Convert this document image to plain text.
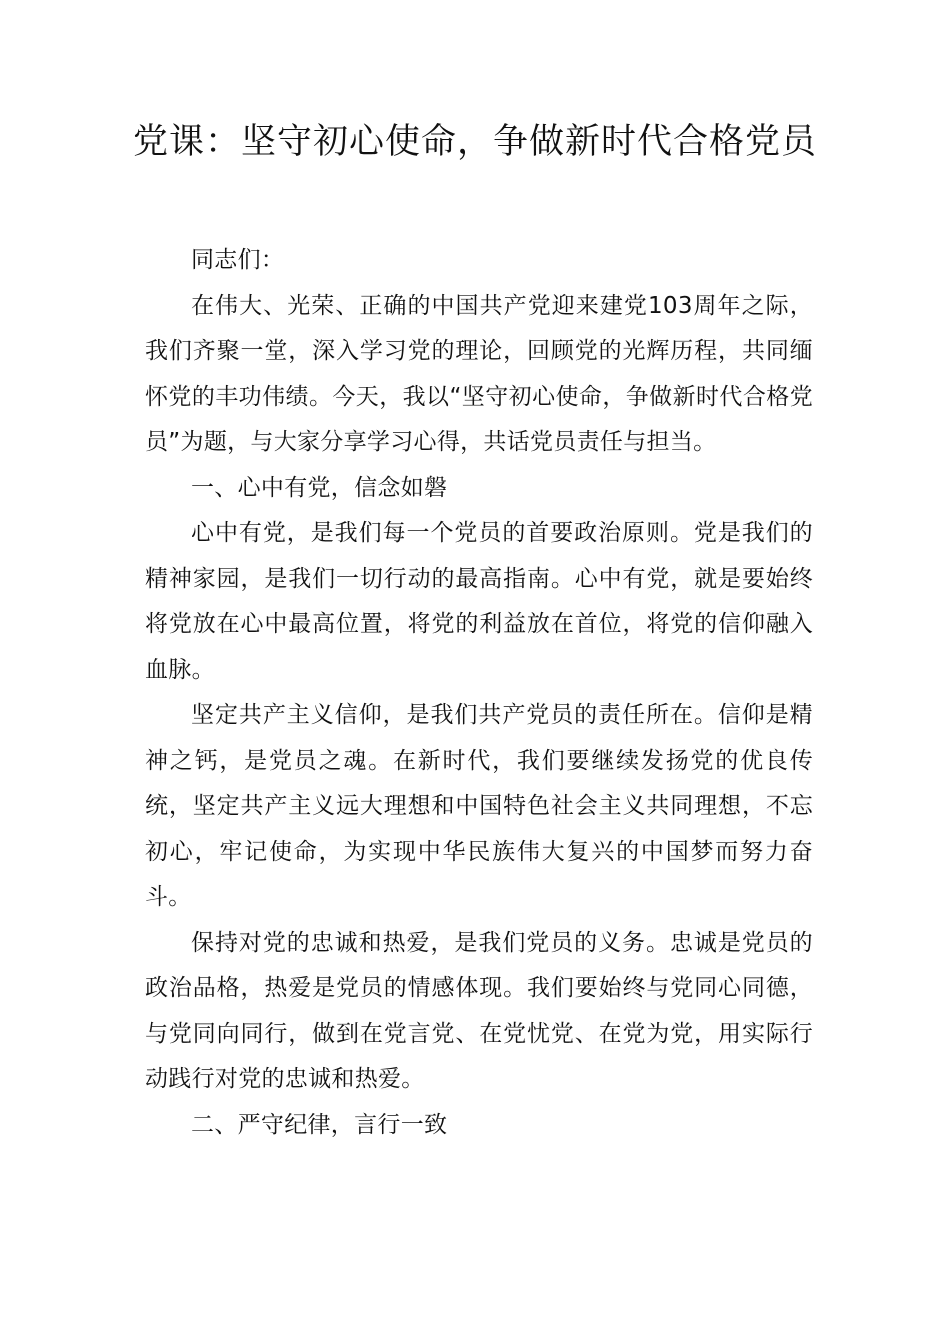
党课：坚守初心使命，争做新时代合格党员

同志们：

在伟大、光荣、正确的中国共产党迎来建党103周年之际，我们齐聚一堂，深入学习党的理论，回顾党的光辉历程，共同缅怀党的丰功伟绩。今天，我以“坚守初心使命，争做新时代合格党员”为题，与大家分享学习心得，共话党员责任与担当。

一、心中有党，信念如磐

心中有党，是我们每一个党员的首要政治原则。党是我们的精神家园，是我们一切行动的最高指南。心中有党，就是要始终将党放在心中最高位置，将党的利益放在首位，将党的信仰融入血脉。

坚定共产主义信仰，是我们共产党员的责任所在。信仰是精神之钙，是党员之魂。在新时代，我们要继续发扬党的优良传统，坚定共产主义远大理想和中国特色社会主义共同理想，不忘初心，牢记使命，为实现中华民族伟大复兴的中国梦而努力奋斗。

保持对党的忠诚和热爱，是我们党员的义务。忠诚是党员的政治品格，热爱是党员的情感体现。我们要始终与党同心同德，与党同向同行，做到在党言党、在党忧党、在党为党，用实际行动践行对党的忠诚和热爱。

二、严守纪律，言行一致
